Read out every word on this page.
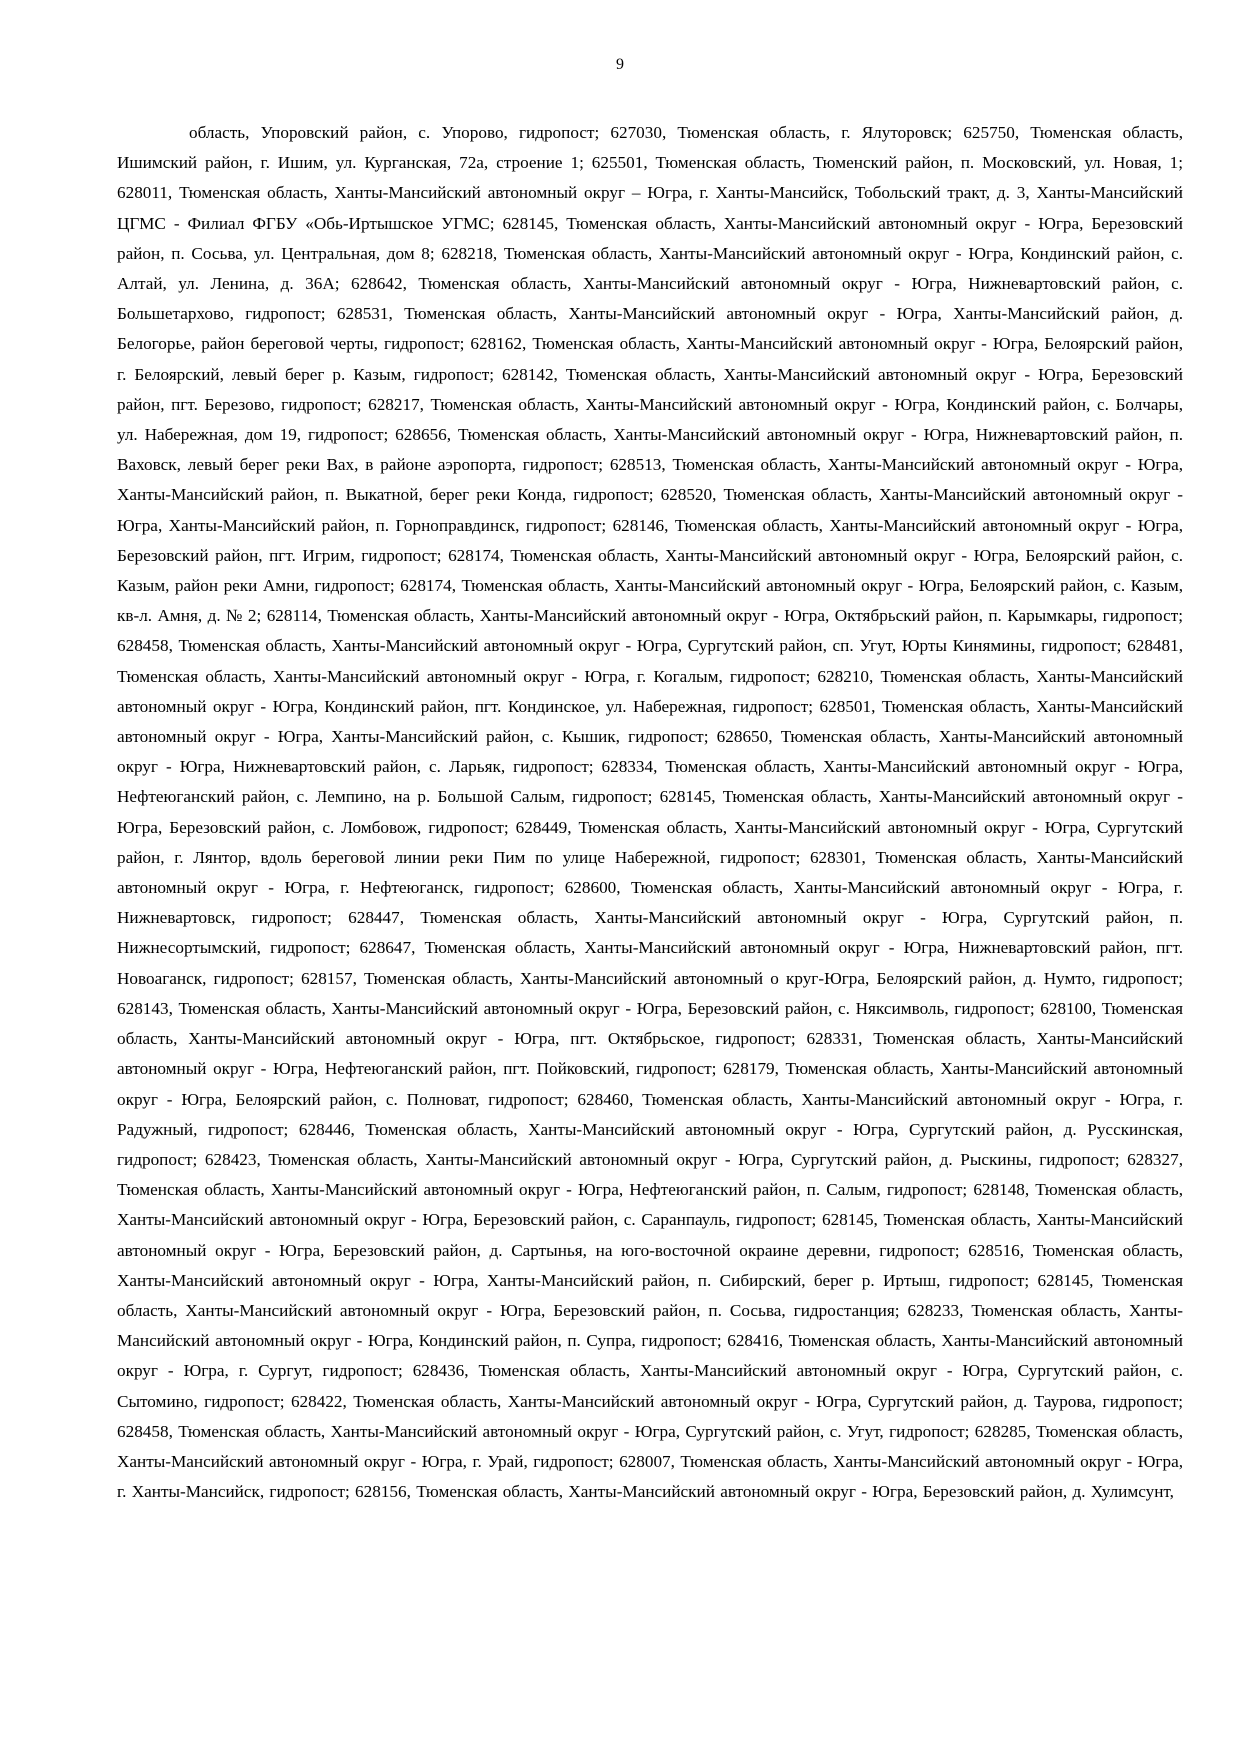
9

область, Упоровский район, с. Упорово, гидропост; 627030, Тюменская область, г. Ялуторовск; 625750, Тюменская область, Ишимский район, г. Ишим, ул. Курганская, 72а, строение 1; 625501, Тюменская область, Тюменский район, п. Московский, ул. Новая, 1; 628011, Тюменская область, Ханты-Мансийский автономный округ – Югра, г. Ханты-Мансийск, Тобольский тракт, д. 3, Ханты-Мансийский ЦГМС - Филиал ФГБУ «Обь-Иртышское УГМС; 628145, Тюменская область, Ханты-Мансийский автономный округ - Югра, Березовский район, п. Сосьва, ул. Центральная, дом 8; 628218, Тюменская область, Ханты-Мансийский автономный округ - Югра, Кондинский район, с. Алтай, ул. Ленина, д. 36А; 628642, Тюменская область, Ханты-Мансийский автономный округ - Югра, Нижневартовский район, с. Большетархово, гидропост; 628531, Тюменская область, Ханты-Мансийский автономный округ - Югра, Ханты-Мансийский район, д. Белогорье, район береговой черты, гидропост; 628162, Тюменская область, Ханты-Мансийский автономный округ - Югра, Белоярский район, г. Белоярский, левый берег р. Казым, гидропост; 628142, Тюменская область, Ханты-Мансийский автономный округ - Югра, Березовский район, пгт. Березово, гидропост; 628217, Тюменская область, Ханты-Мансийский автономный округ - Югра, Кондинский район, с. Болчары, ул. Набережная, дом 19, гидропост; 628656, Тюменская область, Ханты-Мансийский автономный округ - Югра, Нижневартовский район, п. Ваховск, левый берег реки Вах, в районе аэропорта, гидропост; 628513, Тюменская область, Ханты-Мансийский автономный округ - Югра, Ханты-Мансийский район, п. Выкатной, берег реки Конда, гидропост; 628520, Тюменская область, Ханты-Мансийский автономный округ - Югра, Ханты-Мансийский район, п. Горноправдинск, гидропост; 628146, Тюменская область, Ханты-Мансийский автономный округ - Югра, Березовский район, пгт. Игрим, гидропост; 628174, Тюменская область, Ханты-Мансийский автономный округ - Югра, Белоярский район, с. Казым, район реки Амни, гидропост; 628174, Тюменская область, Ханты-Мансийский автономный округ - Югра, Белоярский район, с. Казым, кв-л. Амня, д. № 2; 628114, Тюменская область, Ханты-Мансийский автономный округ - Югра, Октябрьский район, п. Карымкары, гидропост; 628458, Тюменская область, Ханты-Мансийский автономный округ - Югра, Сургутский район, сп. Угут, Юрты Кинямины, гидропост; 628481, Тюменская область, Ханты-Мансийский автономный округ - Югра, г. Когалым, гидропост; 628210, Тюменская область, Ханты-Мансийский автономный округ - Югра, Кондинский район, пгт. Кондинское, ул. Набережная, гидропост; 628501, Тюменская область, Ханты-Мансийский автономный округ - Югра, Ханты-Мансийский район, с. Кышик, гидропост; 628650, Тюменская область, Ханты-Мансийский автономный округ - Югра, Нижневартовский район, с. Ларьяк, гидропост; 628334, Тюменская область, Ханты-Мансийский автономный округ - Югра, Нефтеюганский район, с. Лемпино, на р. Большой Салым, гидропост; 628145, Тюменская область, Ханты-Мансийский автономный округ - Югра, Березовский район, с. Ломбовож, гидропост; 628449, Тюменская область, Ханты-Мансийский автономный округ - Югра, Сургутский район, г. Лянтор, вдоль береговой линии реки Пим по улице Набережной, гидропост; 628301, Тюменская область, Ханты-Мансийский автономный округ - Югра, г. Нефтеюганск, гидропост; 628600, Тюменская область, Ханты-Мансийский автономный округ - Югра, г. Нижневартовск, гидропост; 628447, Тюменская область, Ханты-Мансийский автономный округ - Югра, Сургутский район, п. Нижнесортымский, гидропост; 628647, Тюменская область, Ханты-Мансийский автономный округ - Югра, Нижневартовский район, пгт. Новоаганск, гидропост; 628157, Тюменская область, Ханты-Мансийский автономный о круг-Югра, Белоярский район, д. Нумто, гидропост; 628143, Тюменская область, Ханты-Мансийский автономный округ - Югра, Березовский район, с. Няксимволь, гидропост; 628100, Тюменская область, Ханты-Мансийский автономный округ - Югра, пгт. Октябрьское, гидропост; 628331, Тюменская область, Ханты-Мансийский автономный округ - Югра, Нефтеюганский район, пгт. Пойковский, гидропост; 628179, Тюменская область, Ханты-Мансийский автономный округ - Югра, Белоярский район, с. Полноват, гидропост; 628460, Тюменская область, Ханты-Мансийский автономный округ - Югра, г. Радужный, гидропост; 628446, Тюменская область, Ханты-Мансийский автономный округ - Югра, Сургутский район, д. Русскинская, гидропост; 628423, Тюменская область, Ханты-Мансийский автономный округ - Югра, Сургутский район, д. Рыскины, гидропост; 628327, Тюменская область, Ханты-Мансийский автономный округ - Югра, Нефтеюганский район, п. Салым, гидропост; 628148, Тюменская область, Ханты-Мансийский автономный округ - Югра, Березовский район, с. Саранпауль, гидропост; 628145, Тюменская область, Ханты-Мансийский автономный округ - Югра, Березовский район, д. Сартынья, на юго-восточной окраине деревни, гидропост; 628516, Тюменская область, Ханты-Мансийский автономный округ - Югра, Ханты-Мансийский район, п. Сибирский, берег р. Иртыш, гидропост; 628145, Тюменская область, Ханты-Мансийский автономный округ - Югра, Березовский район, п. Сосьва, гидростанция; 628233, Тюменская область, Ханты-Мансийский автономный округ - Югра, Кондинский район, п. Супра, гидропост; 628416, Тюменская область, Ханты-Мансийский автономный округ - Югра, г. Сургут, гидропост; 628436, Тюменская область, Ханты-Мансийский автономный округ - Югра, Сургутский район, с. Сытомино, гидропост; 628422, Тюменская область, Ханты-Мансийский автономный округ - Югра, Сургутский район, д. Таурова, гидропост; 628458, Тюменская область, Ханты-Мансийский автономный округ - Югра, Сургутский район, с. Угут, гидропост; 628285, Тюменская область, Ханты-Мансийский автономный округ - Югра, г. Урай, гидропост; 628007, Тюменская область, Ханты-Мансийский автономный округ - Югра, г. Ханты-Мансийск, гидропост; 628156, Тюменская область, Ханты-Мансийский автономный округ - Югра, Березовский район, д. Хулимсунт,
